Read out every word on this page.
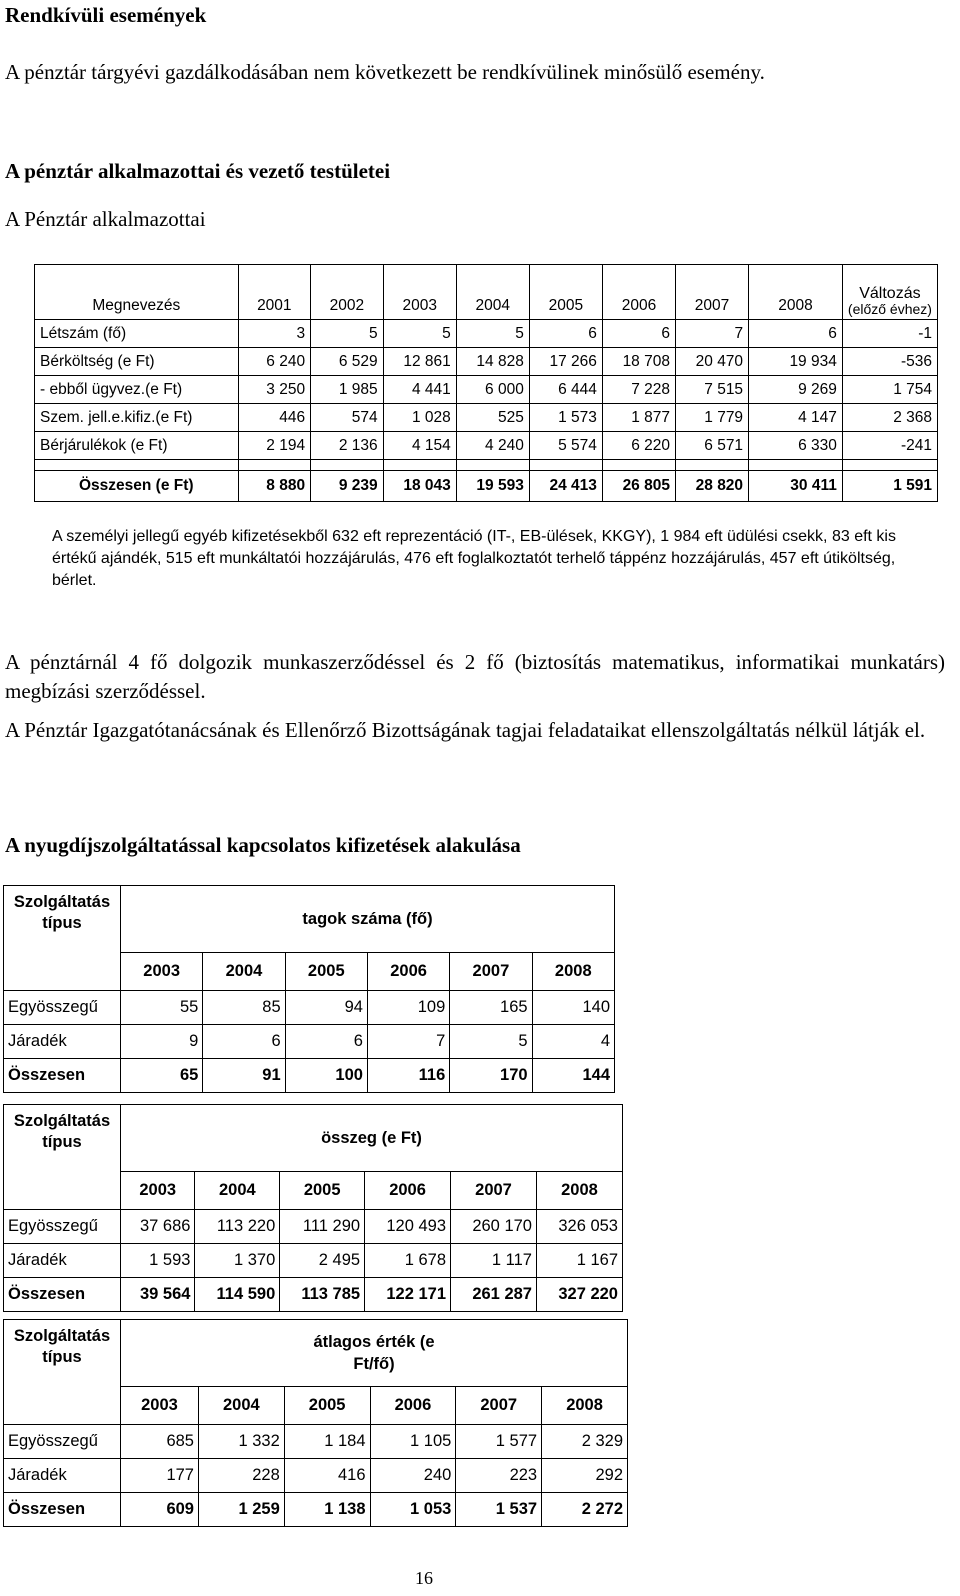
Rendkívüli események

A pénztár tárgyévi gazdálkodásában nem következett be rendkívülinek minősülő esemény.

A pénztár alkalmazottai és vezető testületei

A Pénztár alkalmazottai

Megnevezés	2001	2002	2003	2004	2005	2006	2007	2008	Változás
(előző évhez)

Létszám (fő)	3	5	5	5	6	6	7	6	-1
Bérköltség (e Ft)	6 240	6 529	12 861	14 828	17 266	18 708	20 470	19 934	-536
- ebből ügyvez.(e Ft)	3 250	1 985	4 441	6 000	6 444	7 228	7 515	9 269	1 754
Szem. jell.e.kifiz.(e Ft)	446	574	1 028	525	1 573	1 877	1 779	4 147	2 368
Bérjárulékok (e Ft)	2 194	2 136	4 154	4 240	5 574	6 220	6 571	6 330	-241

Összesen (e Ft)	8 880	9 239	18 043	19 593	24 413	26 805	28 820	30 411	1 591

A személyi jellegű egyéb kifizetésekből 632 eft reprezentáció (IT-, EB-ülések, KKGY), 1 984 eft üdülési csekk, 83 eft kis értékű ajándék, 515 eft munkáltatói hozzájárulás, 476 eft foglalkoztatót terhelő táppénz hozzájárulás, 457 eft útiköltség, bérlet.

A pénztárnál 4 fő dolgozik munkaszerződéssel és 2 fő (biztosítás matematikus, informatikai munkatárs) megbízási szerződéssel.

A Pénztár Igazgatótanácsának és Ellenőrző Bizottságának tagjai feladataikat ellenszolgáltatás nélkül látják el.

A nyugdíjszolgáltatással kapcsolatos kifizetések alakulása
Szolgáltatás típus	tagok száma (fő)					
	2003	2004	2005	2006	2007	2008
Egyösszegű	55	85	94	109	165	140
Járadék	9	6	6	7	5	4
Összesen	65	91	100	116	170	144
Szolgáltatás típus	összeg (e Ft)					
	2003	2004	2005	2006	2007	2008
Egyösszegű	37 686	113 220	111 290	120 493	260 170	326 053
Járadék	1 593	1 370	2 495	1 678	1 117	1 167
Összesen	39 564	114 590	113 785	122 171	261 287	327 220
Szolgáltatás típus	átlagos érték (e Ft/fő)					
	2003	2004	2005	2006	2007	2008
Egyösszegű	685	1 332	1 184	1 105	1 577	2 329
Járadék	177	228	416	240	223	292
Összesen	609	1 259	1 138	1 053	1 537	2 272
16
